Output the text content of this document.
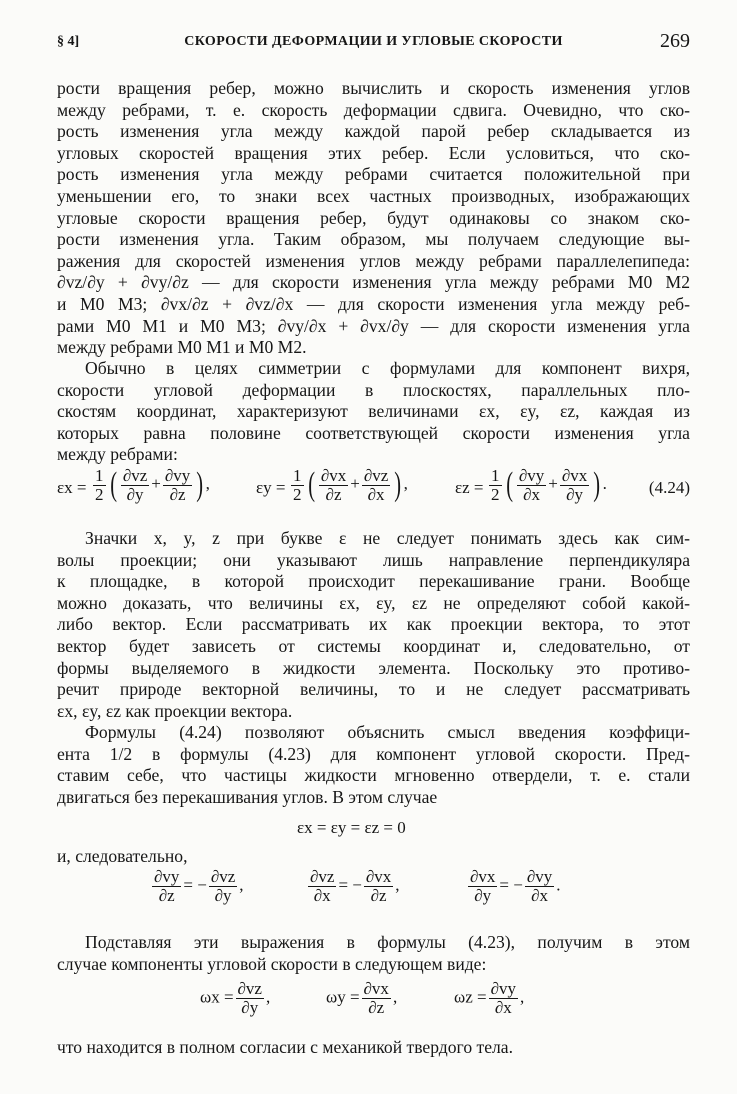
§ 4]	СКОРОСТИ ДЕФОРМАЦИИ И УГЛОВЫЕ СКОРОСТИ	269
рости вращения ребер, можно вычислить и скорость изменения углов
между ребрами, т. е. скорость деформации сдвига. Очевидно, что ско-
рость изменения угла между каждой парой ребер складывается из
угловых скоростей вращения этих ребер. Если условиться, что ско-
рость изменения угла между ребрами считается положительной при
уменьшении его, то знаки всех частных производных, изображающих
угловые скорости вращения ребер, будут одинаковы со знаком ско-
рости изменения угла. Таким образом, мы получаем следующие вы-
ражения для скоростей изменения углов между ребрами параллелепипеда:
∂vz/∂y + ∂vy/∂z — для скорости изменения угла между ребрами M0 M2
и M0 M3; ∂vx/∂z + ∂vz/∂x — для скорости изменения угла между реб-
рами M0 M1 и M0 M3; ∂vy/∂x + ∂vx/∂y — для скорости изменения угла
между ребрами M0 M1 и M0 M2.
Обычно в целях симметрии с формулами для компонент вихря,
скорости угловой деформации в плоскостях, параллельных пло-
скостям координат, характеризуют величинами εx, εy, εz, каждая из
которых равна половине соответствующей скорости изменения угла
между ребрами:
$\varepsilon x = \frac{1}{2}$ ( $\frac{\partial vz}{\partial y} + \frac{\partial vy}{\partial z}$ ) ,	$\varepsilon y = \frac{1}{2}$ ( $\frac{\partial vx}{\partial z} + \frac{\partial vz}{\partial x}$ ) ,	$\varepsilon z = \frac{1}{2}$ ( $\frac{\partial vy}{\partial x} + \frac{\partial vx}{\partial y}$ ) . (4.24)
Значки x, y, z при букве ε не следует понимать здесь как сим-
волы проекции; они указывают лишь направление перпендикуляра
к площадке, в которой происходит перекашивание грани. Вообще
можно доказать, что величины εx, εy, εz не определяют собой какой-
либо вектор. Если рассматривать их как проекции вектора, то этот
вектор будет зависеть от системы координат и, следовательно, от
формы выделяемого в жидкости элемента. Поскольку это противо-
речит природе векторной величины, то и не следует рассматривать
εx, εy, εz как проекции вектора.
Формулы (4.24) позволяют объяснить смысл введения коэффици-
ента 1/2 в формулы (4.23) для компонент угловой скорости. Пред-
ставим себе, что частицы жидкости мгновенно отвердели, т. е. стали
двигаться без перекашивания углов. В этом случае
εx = εy = εz = 0
и, следовательно,
$\frac{\partial vy}{\partial z}$ = − $\frac{\partial vz}{\partial y}$ ,	$\frac{\partial vz}{\partial x}$ = − $\frac{\partial vx}{\partial z}$ ,	$\frac{\partial vx}{\partial y}$ = − $\frac{\partial vy}{\partial x}$ .
Подставляя эти выражения в формулы (4.23), получим в этом
случае компоненты угловой скорости в следующем виде:
$\omega x = \frac{\partial vz}{\partial y}$ ,	$\omega y = \frac{\partial vx}{\partial z}$ ,	$\omega z = \frac{\partial vy}{\partial x}$ ,
что находится в полном согласии с механикой твердого тела.
